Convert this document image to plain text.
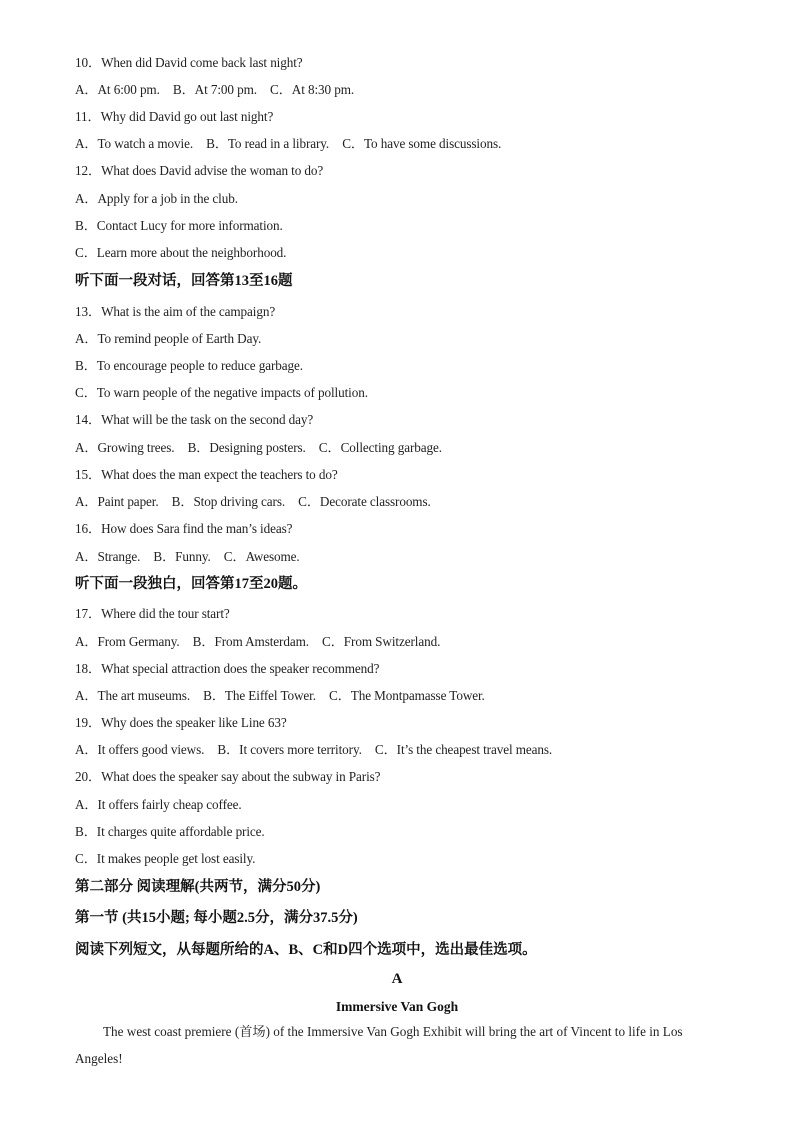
10．When did David come back last night?
A．At 6:00 pm.　B．At 7:00 pm.　C．At 8:30 pm.
11．Why did David go out last night?
A．To watch a movie.　B．To read in a library.　C．To have some discussions.
12．What does David advise the woman to do?
A．Apply for a job in the club.
B．Contact Lucy for more information.
C．Learn more about the neighborhood.
听下面一段对话，回答第13至16题
13．What is the aim of the campaign?
A．To remind people of Earth Day.
B．To encourage people to reduce garbage.
C．To warn people of the negative impacts of pollution.
14．What will be the task on the second day?
A．Growing trees.　B．Designing posters.　C．Collecting garbage.
15．What does the man expect the teachers to do?
A．Paint paper.　B．Stop driving cars.　C．Decorate classrooms.
16．How does Sara find the man’s ideas?
A．Strange.　B．Funny.　C．Awesome.
听下面一段独白，回答第17至20题。
17．Where did the tour start?
A．From Germany.　B．From Amsterdam.　C．From Switzerland.
18．What special attraction does the speaker recommend?
A．The art museums.　B．The Eiffel Tower.　C．The Montpamasse Tower.
19．Why does the speaker like Line 63?
A．It offers good views.　B．It covers more territory.　C．It’s the cheapest travel means.
20．What does the speaker say about the subway in Paris?
A．It offers fairly cheap coffee.
B．It charges quite affordable price.
C．It makes people get lost easily.
第二部分 阅读理解(共两节，满分50分)
第一节 (共15小题; 每小题2.5分，满分37.5分)
阅读下列短文，从每题所给的A、B、C和D四个选项中，选出最佳选项。
A
Immersive Van Gogh
The west coast premiere (首场) of the Immersive Van Gogh Exhibit will bring the art of Vincent to life in Los Angeles!
